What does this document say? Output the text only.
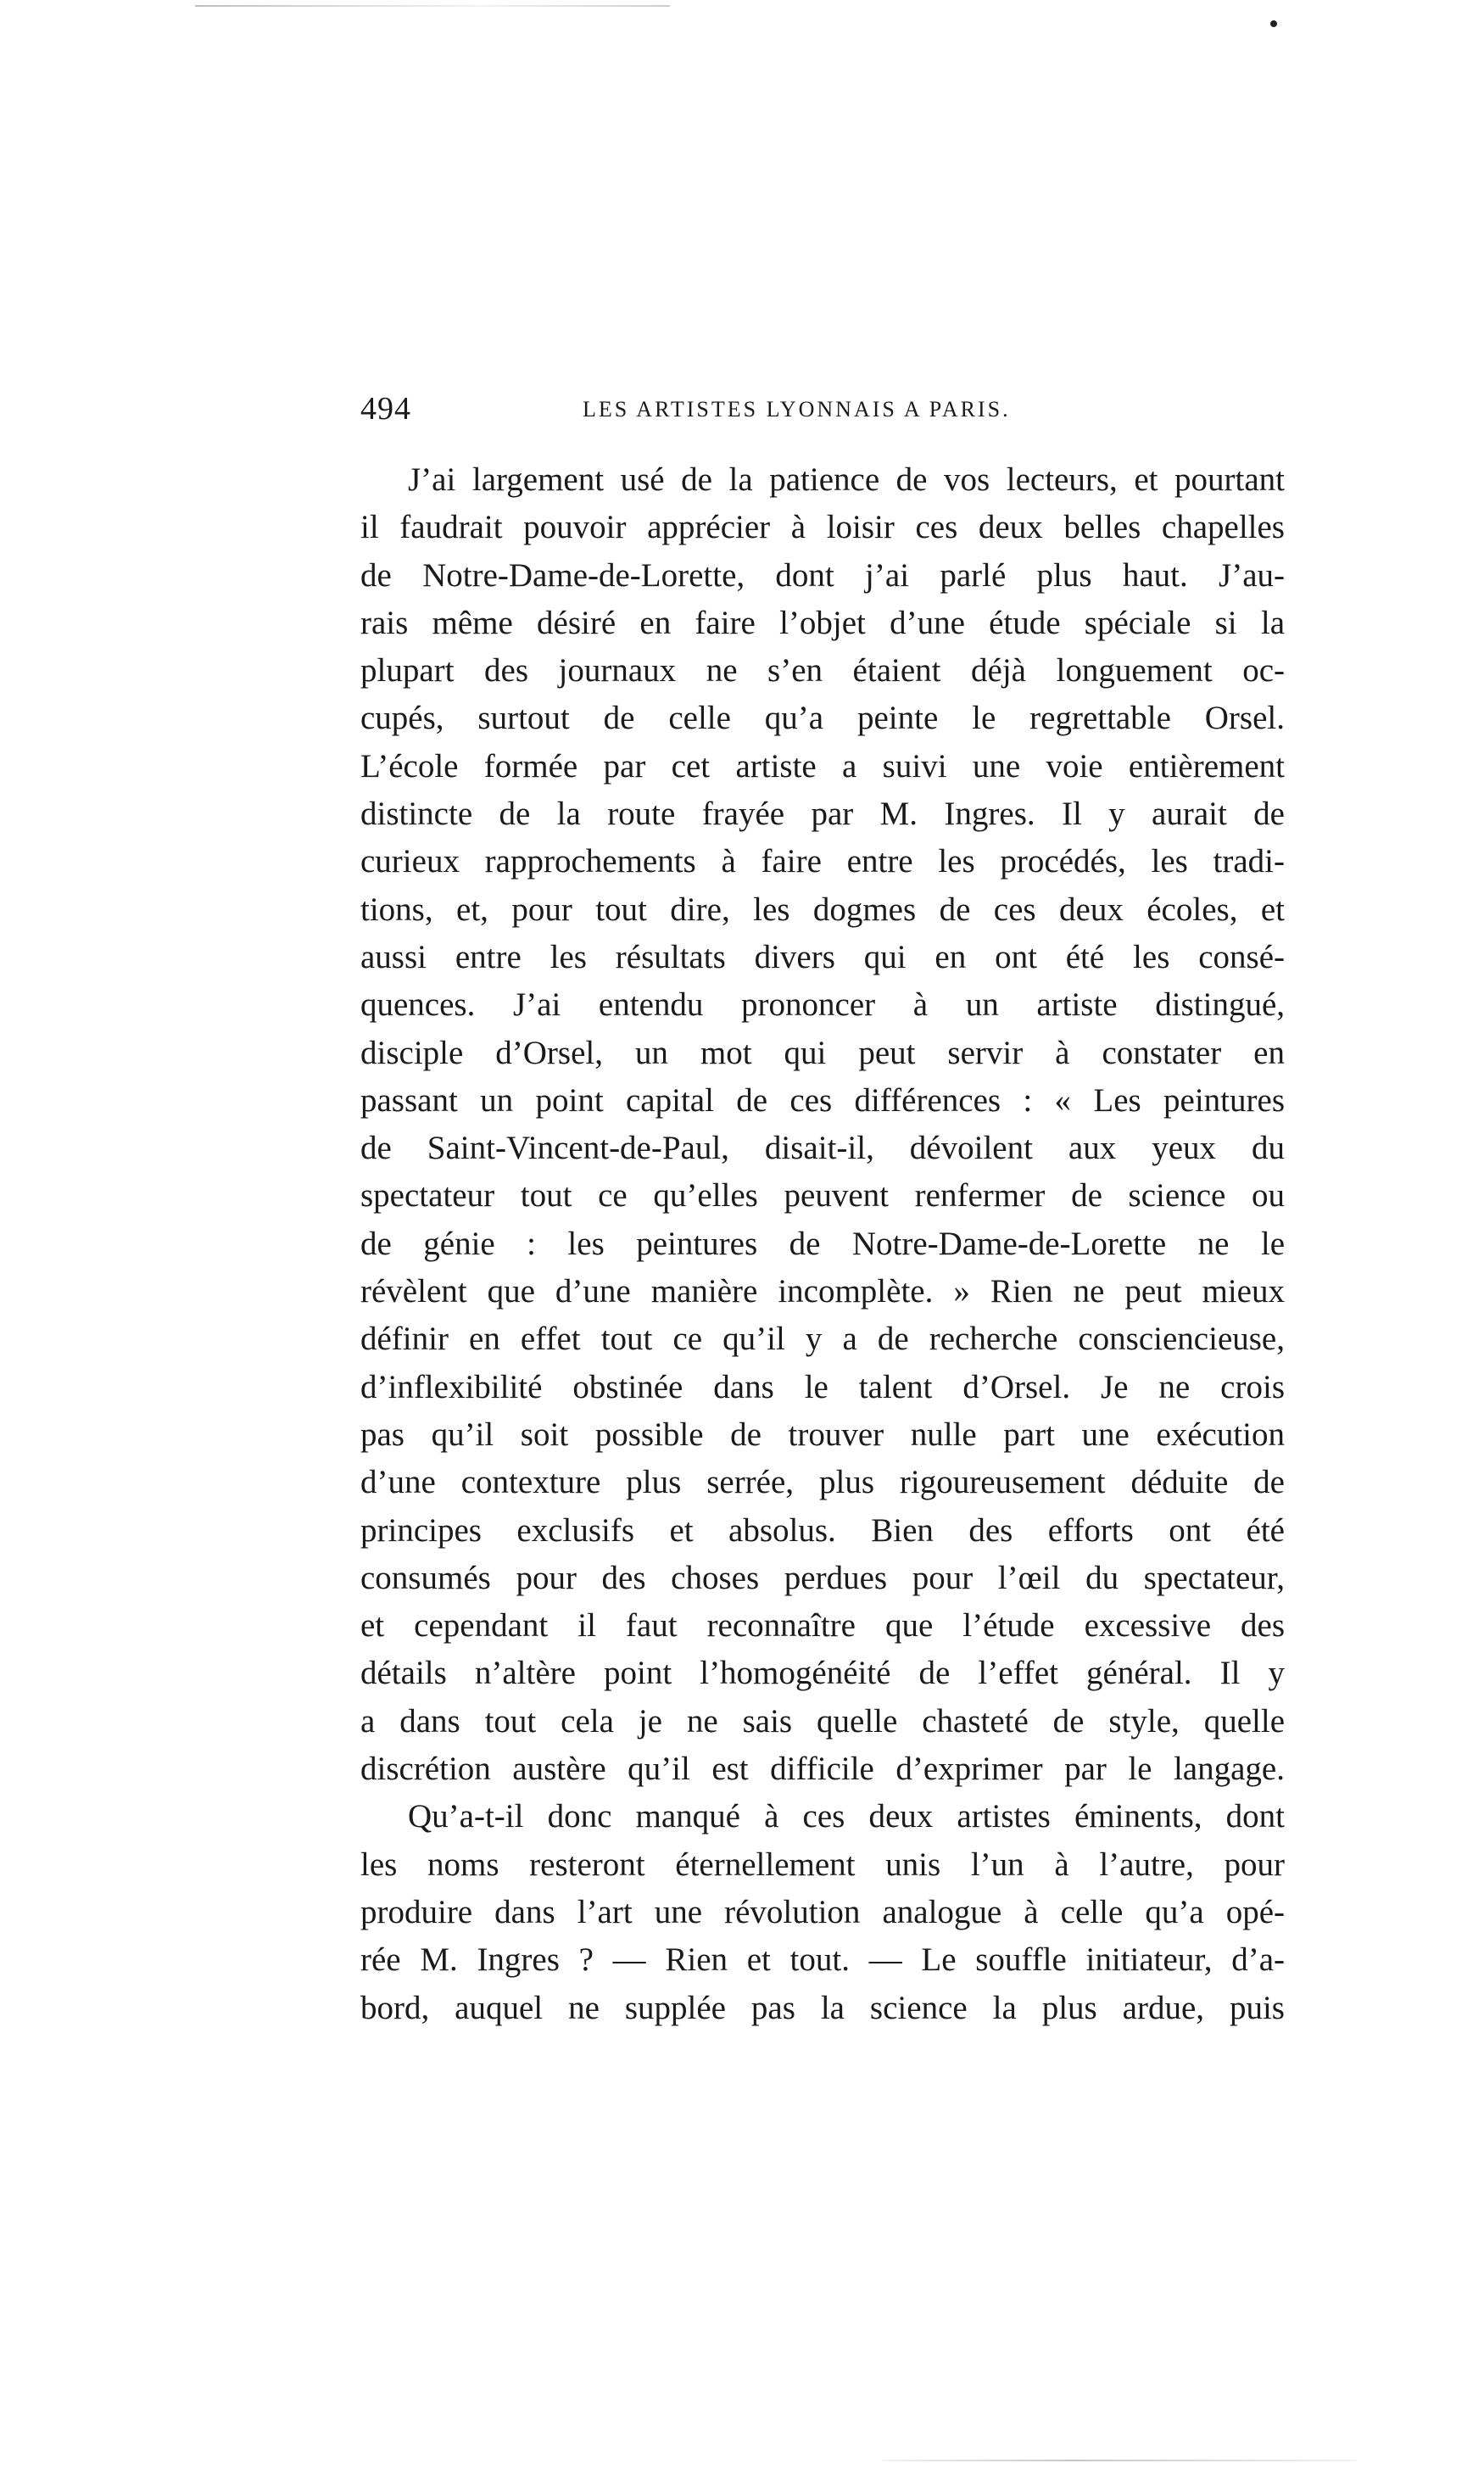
494	LES ARTISTES LYONNAIS A PARIS.
J’ai largement usé de la patience de vos lecteurs, et pourtant
il faudrait pouvoir apprécier à loisir ces deux belles chapelles
de Notre-Dame-de-Lorette, dont j’ai parlé plus haut. J’au-
rais même désiré en faire l’objet d’une étude spéciale si la
plupart des journaux ne s’en étaient déjà longuement oc-
cupés, surtout de celle qu’a peinte le regrettable Orsel.
L’école formée par cet artiste a suivi une voie entièrement
distincte de la route frayée par M. Ingres. Il y aurait de
curieux rapprochements à faire entre les procédés, les tradi-
tions, et, pour tout dire, les dogmes de ces deux écoles, et
aussi entre les résultats divers qui en ont été les consé-
quences. J’ai entendu prononcer à un artiste distingué,
disciple d’Orsel, un mot qui peut servir à constater en
passant un point capital de ces différences : « Les peintures
de Saint-Vincent-de-Paul, disait-il, dévoilent aux yeux du
spectateur tout ce qu’elles peuvent renfermer de science ou
de génie : les peintures de Notre-Dame-de-Lorette ne le
révèlent que d’une manière incomplète. » Rien ne peut mieux
définir en effet tout ce qu’il y a de recherche consciencieuse,
d’inflexibilité obstinée dans le talent d’Orsel. Je ne crois
pas qu’il soit possible de trouver nulle part une exécution
d’une contexture plus serrée, plus rigoureusement déduite de
principes exclusifs et absolus. Bien des efforts ont été
consumés pour des choses perdues pour l’œil du spectateur,
et cependant il faut reconnaître que l’étude excessive des
détails n’altère point l’homogénéité de l’effet général. Il y
a dans tout cela je ne sais quelle chasteté de style, quelle
discrétion austère qu’il est difficile d’exprimer par le langage.
Qu’a-t-il donc manqué à ces deux artistes éminents, dont
les noms resteront éternellement unis l’un à l’autre, pour
produire dans l’art une révolution analogue à celle qu’a opé-
rée M. Ingres ? — Rien et tout. — Le souffle initiateur, d’a-
bord, auquel ne supplée pas la science la plus ardue, puis
